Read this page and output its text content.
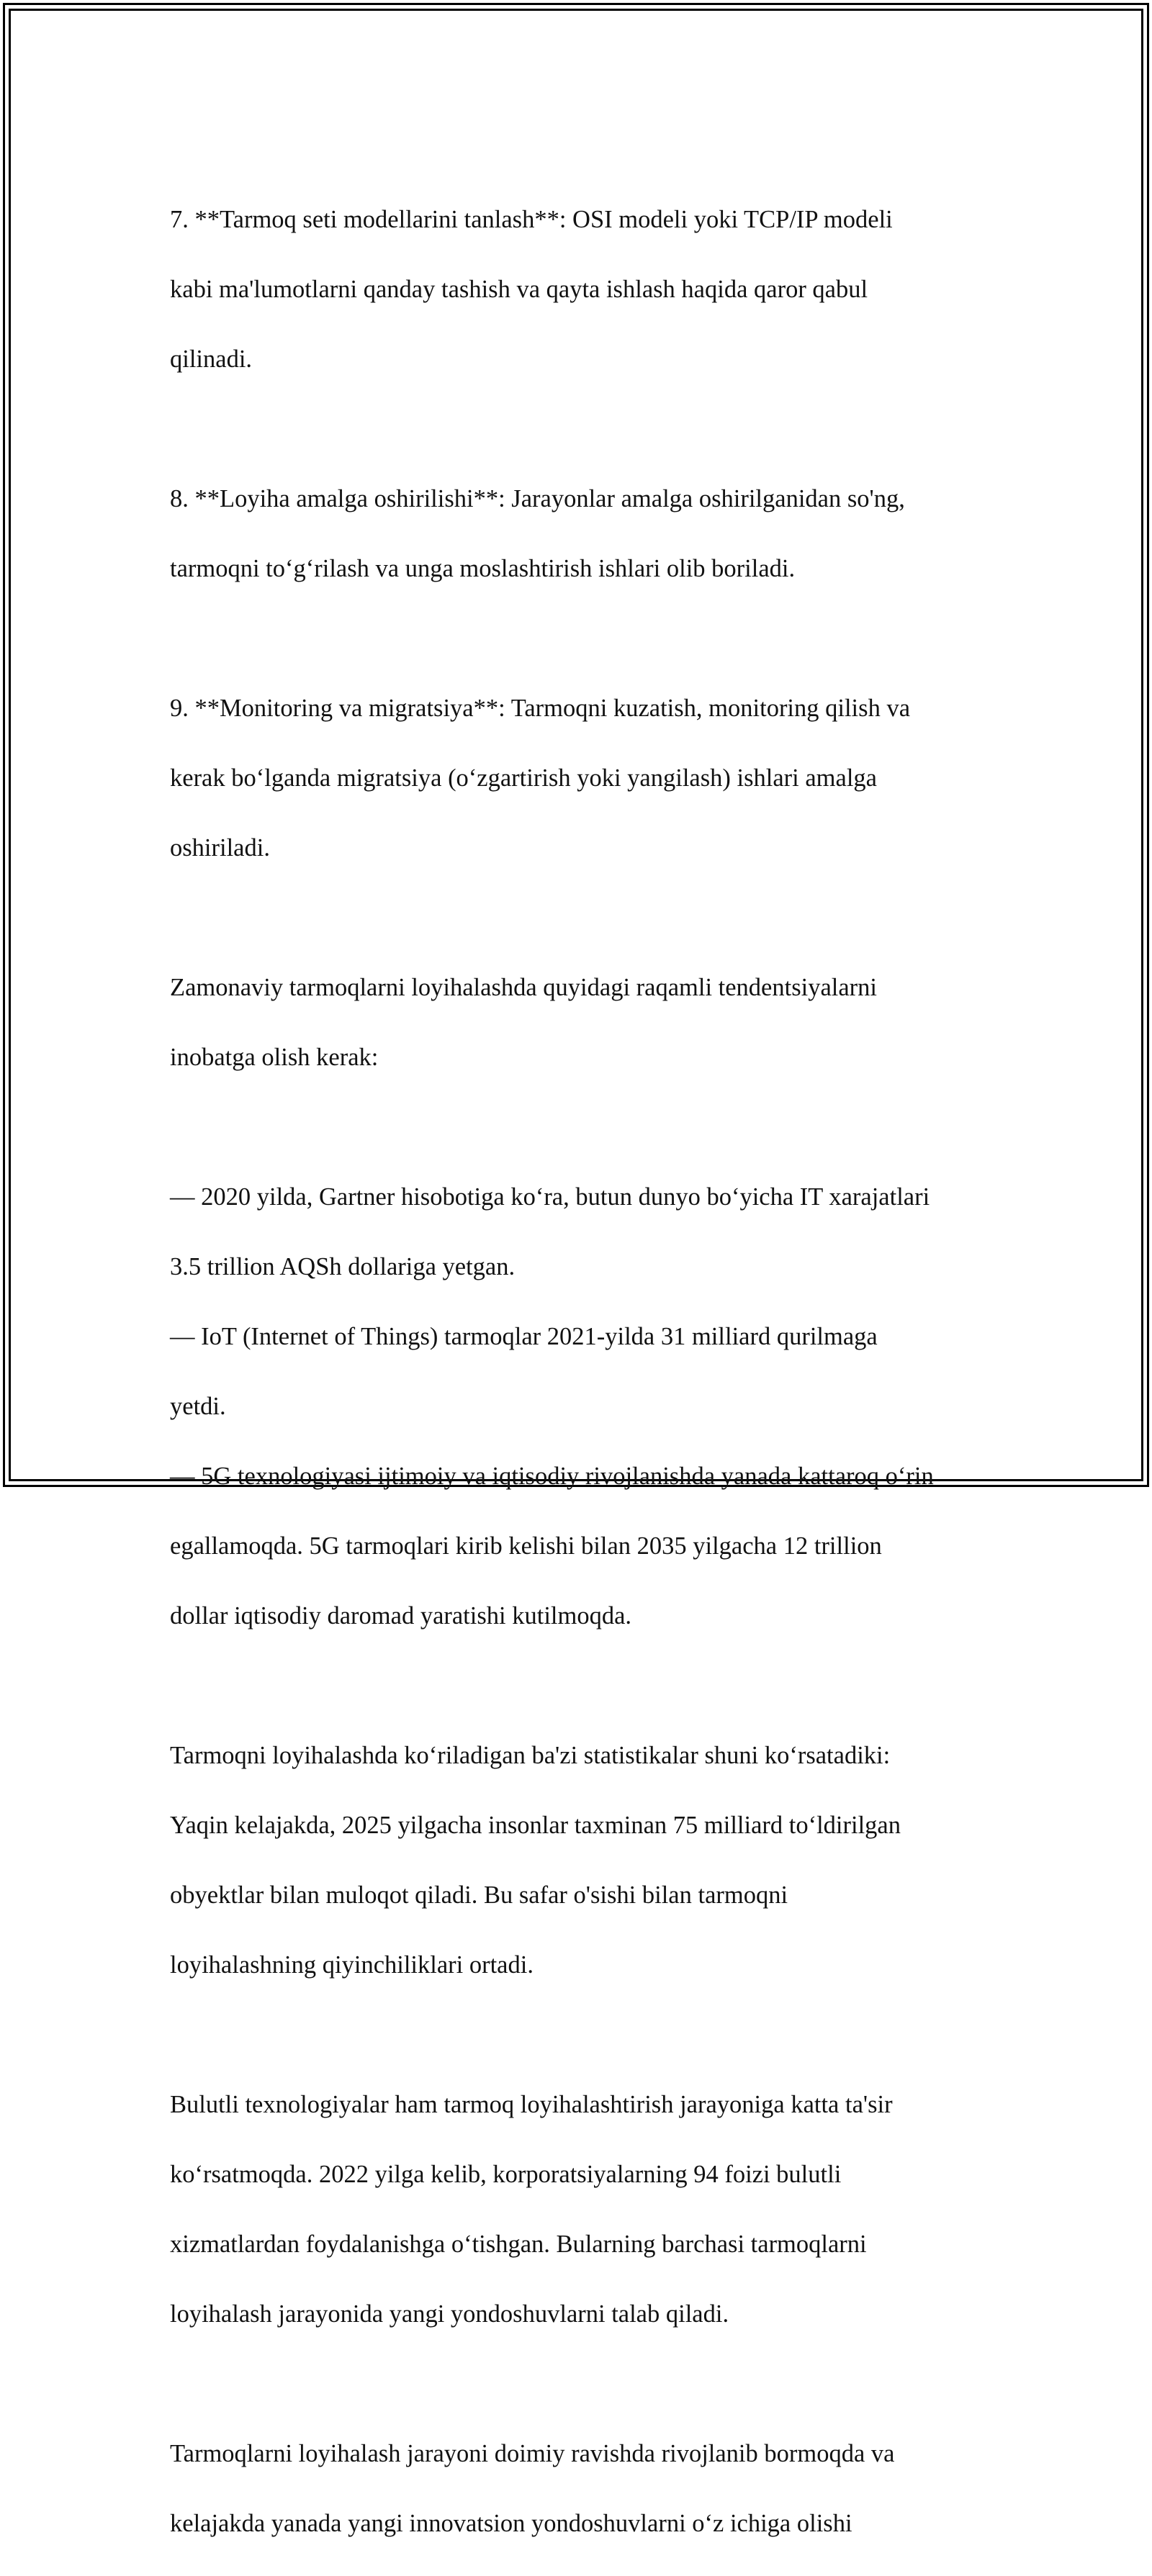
7. **Tarmoq seti modellarini tanlash**: OSI modeli yoki TCP/IP modeli

kabi ma'lumotlarni qanday tashish va qayta ishlash haqida qaror qabul

qilinadi.

8. **Loyiha amalga oshirilishi**: Jarayonlar amalga oshirilganidan so'ng,

tarmoqni to‘g‘rilash va unga moslashtirish ishlari olib boriladi.

9. **Monitoring va migratsiya**: Tarmoqni kuzatish, monitoring qilish va

kerak bo‘lganda migratsiya (o‘zgartirish yoki yangilash) ishlari amalga

oshiriladi.

Zamonaviy tarmoqlarni loyihalashda quyidagi raqamli tendentsiyalarni

inobatga olish kerak:

— 2020 yilda, Gartner hisobotiga ko‘ra, butun dunyo bo‘yicha IT xarajatlari

3.5 trillion AQSh dollariga yetgan.

— IoT (Internet of Things) tarmoqlar 2021-yilda 31 milliard qurilmaga

yetdi.

— 5G texnologiyasi ijtimoiy va iqtisodiy rivojlanishda yanada kattaroq o‘rin

egallamoqda. 5G tarmoqlari kirib kelishi bilan 2035 yilgacha 12 trillion

dollar iqtisodiy daromad yaratishi kutilmoqda.

Tarmoqni loyihalashda ko‘riladigan ba'zi statistikalar shuni ko‘rsatadiki:

Yaqin kelajakda, 2025 yilgacha insonlar taxminan 75 milliard to‘ldirilgan

obyektlar bilan muloqot qiladi. Bu safar o'sishi bilan tarmoqni

loyihalashning qiyinchiliklari ortadi.

Bulutli texnologiyalar ham tarmoq loyihalashtirish jarayoniga katta ta'sir

ko‘rsatmoqda. 2022 yilga kelib, korporatsiyalarning 94 foizi bulutli

xizmatlardan foydalanishga o‘tishgan. Bularning barchasi tarmoqlarni

loyihalash jarayonida yangi yondoshuvlarni talab qiladi.

Tarmoqlarni loyihalash jarayoni doimiy ravishda rivojlanib bormoqda va

kelajakda yanada yangi innovatsion yondoshuvlarni o‘z ichiga olishi
